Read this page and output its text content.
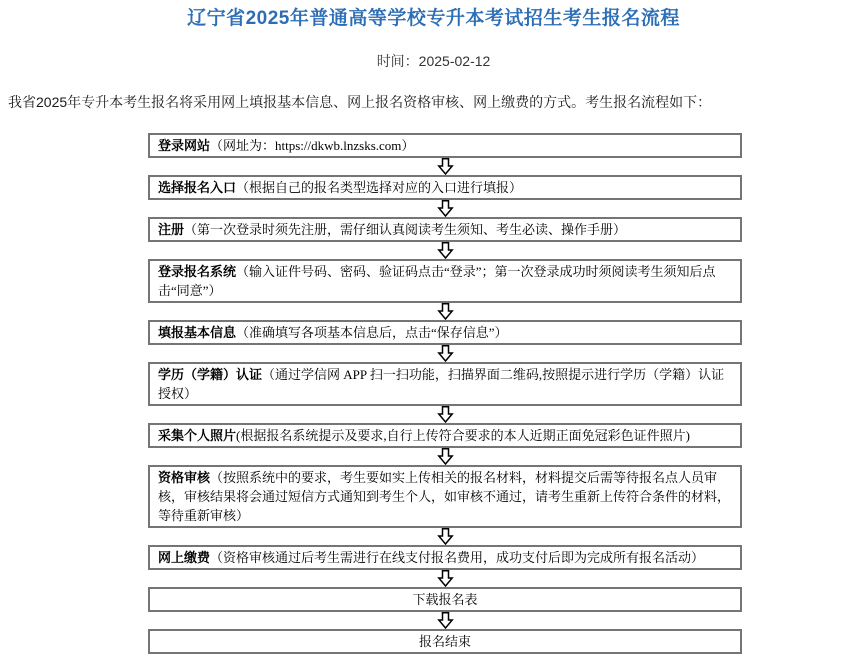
辽宁省2025年普通高等学校专升本考试招生考生报名流程
时间：2025-02-12
我省2025年专升本考生报名将采用网上填报基本信息、网上报名资格审核、网上缴费的方式。考生报名流程如下：
登录网站（网址为：https://dkwb.lnzsks.com）
选择报名入口（根据自己的报名类型选择对应的入口进行填报）
注册（第一次登录时须先注册，需仔细认真阅读考生须知、考生必读、操作手册）
登录报名系统（输入证件号码、密码、验证码点击“登录”；第一次登录成功时须阅读考生须知后点击“同意”）
填报基本信息（准确填写各项基本信息后，点击“保存信息”）
学历（学籍）认证（通过学信网 APP 扫一扫功能，扫描界面二维码,按照提示进行学历（学籍）认证授权）
采集个人照片(根据报名系统提示及要求,自行上传符合要求的本人近期正面免冠彩色证件照片)
资格审核（按照系统中的要求，考生要如实上传相关的报名材料，材料提交后需等待报名点人员审核，审核结果将会通过短信方式通知到考生个人，如审核不通过，请考生重新上传符合条件的材料，等待重新审核）
网上缴费（资格审核通过后考生需进行在线支付报名费用，成功支付后即为完成所有报名活动）
下载报名表
报名结束
